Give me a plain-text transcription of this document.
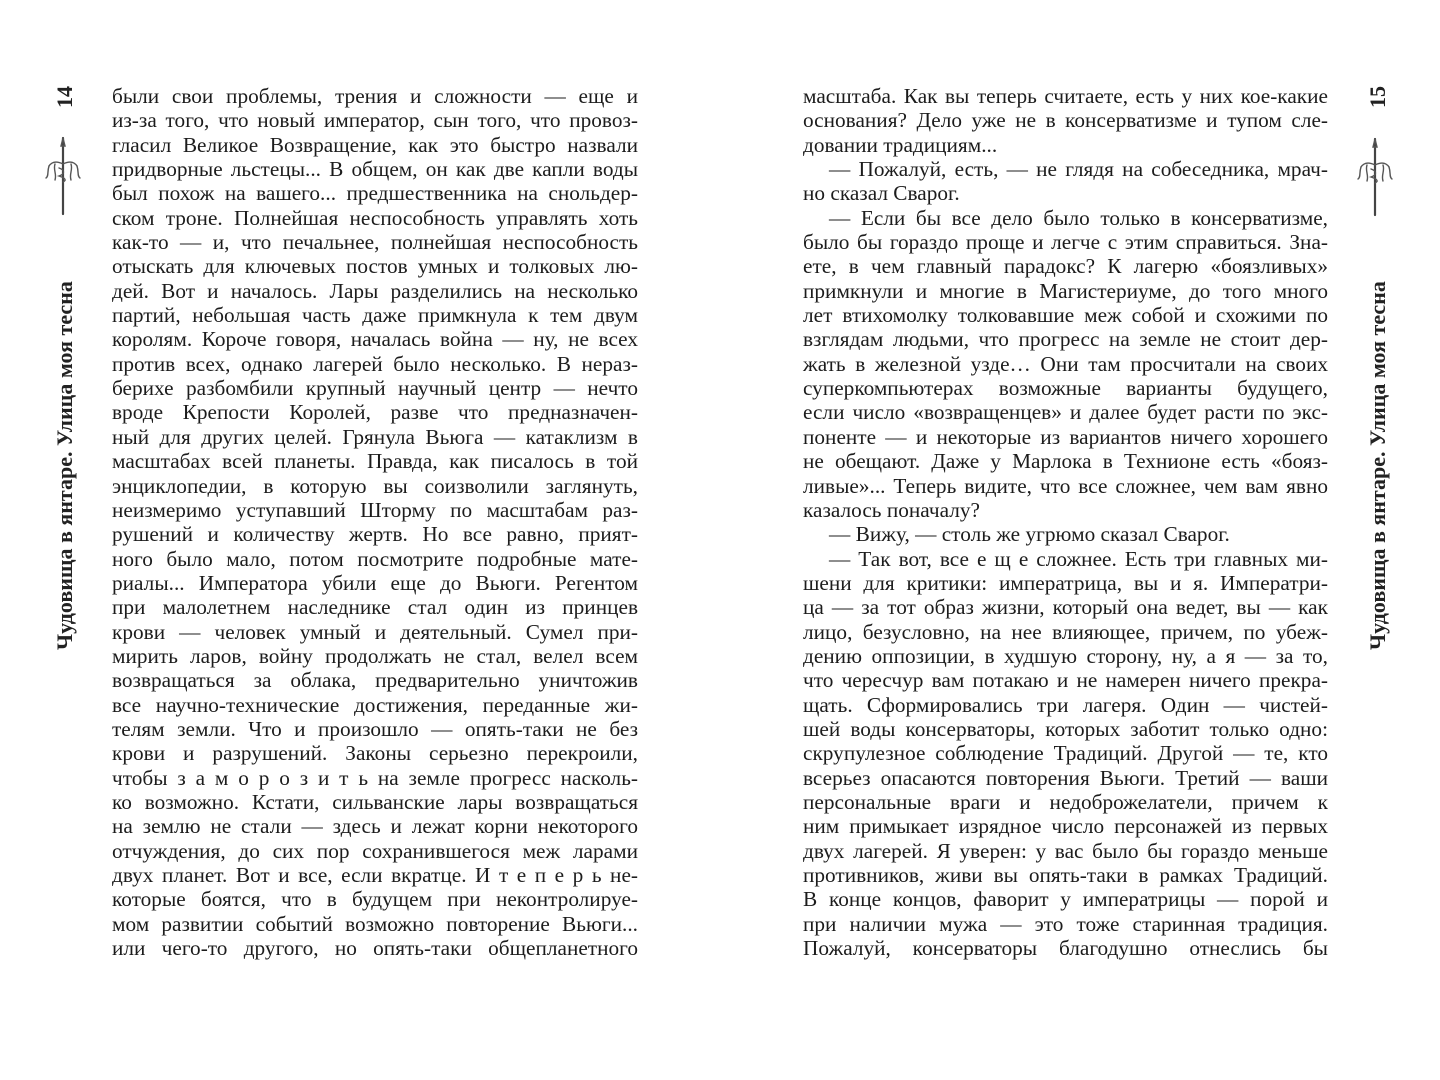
14
Чудовища в янтаре. Улица моя тесна
были свои проблемы, трения и сложности — еще и
из-за того, что новый император, сын того, что провоз-
гласил Великое Возвращение, как это быстро назвали
придворные льстецы... В общем, он как две капли воды
был похож на вашего... предшественника на снольдер-
ском троне. Полнейшая неспособность управлять хоть
как-то — и, что печальнее, полнейшая неспособность
отыскать для ключевых постов умных и толковых лю-
дей. Вот и началось. Лары разделились на несколько
партий, небольшая часть даже примкнула к тем двум
королям. Короче говоря, началась война — ну, не всех
против всех, однако лагерей было несколько. В нераз-
берихе разбомбили крупный научный центр — нечто
вроде Крепости Королей, разве что предназначен-
ный для других целей. Грянула Вьюга — катаклизм в
масштабах всей планеты. Правда, как писалось в той
энциклопедии, в которую вы соизволили заглянуть,
неизмеримо уступавший Шторму по масштабам раз-
рушений и количеству жертв. Но все равно, прият-
ного было мало, потом посмотрите подробные мате-
риалы... Императора убили еще до Вьюги. Регентом
при малолетнем наследнике стал один из принцев
крови — человек умный и деятельный. Сумел при-
мирить ларов, войну продолжать не стал, велел всем
возвращаться за облака, предварительно уничтожив
все научно-технические достижения, переданные жи-
телям земли. Что и произошло — опять-таки не без
крови и разрушений. Законы серьезно перекроили,
чтобы з а м о р о з и т ь на земле прогресс насколь-
ко возможно. Кстати, сильванские лары возвращаться
на землю не стали — здесь и лежат корни некоторого
отчуждения, до сих пор сохранившегося меж ларами
двух планет. Вот и все, если вкратце. И т е п е р ь не-
которые боятся, что в будущем при неконтролируе-
мом развитии событий возможно повторение Вьюги...
или чего-то другого, но опять-таки общепланетного
масштаба. Как вы теперь считаете, есть у них кое-какие
основания? Дело уже не в консерватизме и тупом сле-
довании традициям...
— Пожалуй, есть, — не глядя на собеседника, мрач-
но сказал Сварог.
— Если бы все дело было только в консерватизме,
было бы гораздо проще и легче с этим справиться. Зна-
ете, в чем главный парадокс? К лагерю «боязливых»
примкнули и многие в Магистериуме, до того много
лет втихомолку толковавшие меж собой и схожими по
взглядам людьми, что прогресс на земле не стоит дер-
жать в железной узде… Они там просчитали на своих
суперкомпьютерах возможные варианты будущего,
если число «возвращенцев» и далее будет расти по экс-
поненте — и некоторые из вариантов ничего хорошего
не обещают. Даже у Марлока в Технионе есть «бояз-
ливые»... Теперь видите, что все сложнее, чем вам явно
казалось поначалу?
— Вижу, — столь же угрюмо сказал Сварог.
— Так вот, все е щ е сложнее. Есть три главных ми-
шени для критики: императрица, вы и я. Императри-
ца — за тот образ жизни, который она ведет, вы — как
лицо, безусловно, на нее влияющее, причем, по убеж-
дению оппозиции, в худшую сторону, ну, а я — за то,
что чересчур вам потакаю и не намерен ничего прекра-
щать. Сформировались три лагеря. Один — чистей-
шей воды консерваторы, которых заботит только одно:
скрупулезное соблюдение Традиций. Другой — те, кто
всерьез опасаются повторения Вьюги. Третий — ваши
персональные враги и недоброжелатели, причем к
ним примыкает изрядное число персонажей из первых
двух лагерей. Я уверен: у вас было бы гораздо меньше
противников, живи вы опять-таки в рамках Традиций.
В конце концов, фаворит у императрицы — порой и
при наличии мужа — это тоже старинная традиция.
Пожалуй, консерваторы благодушно отнеслись бы
15
Чудовища в янтаре. Улица моя тесна
